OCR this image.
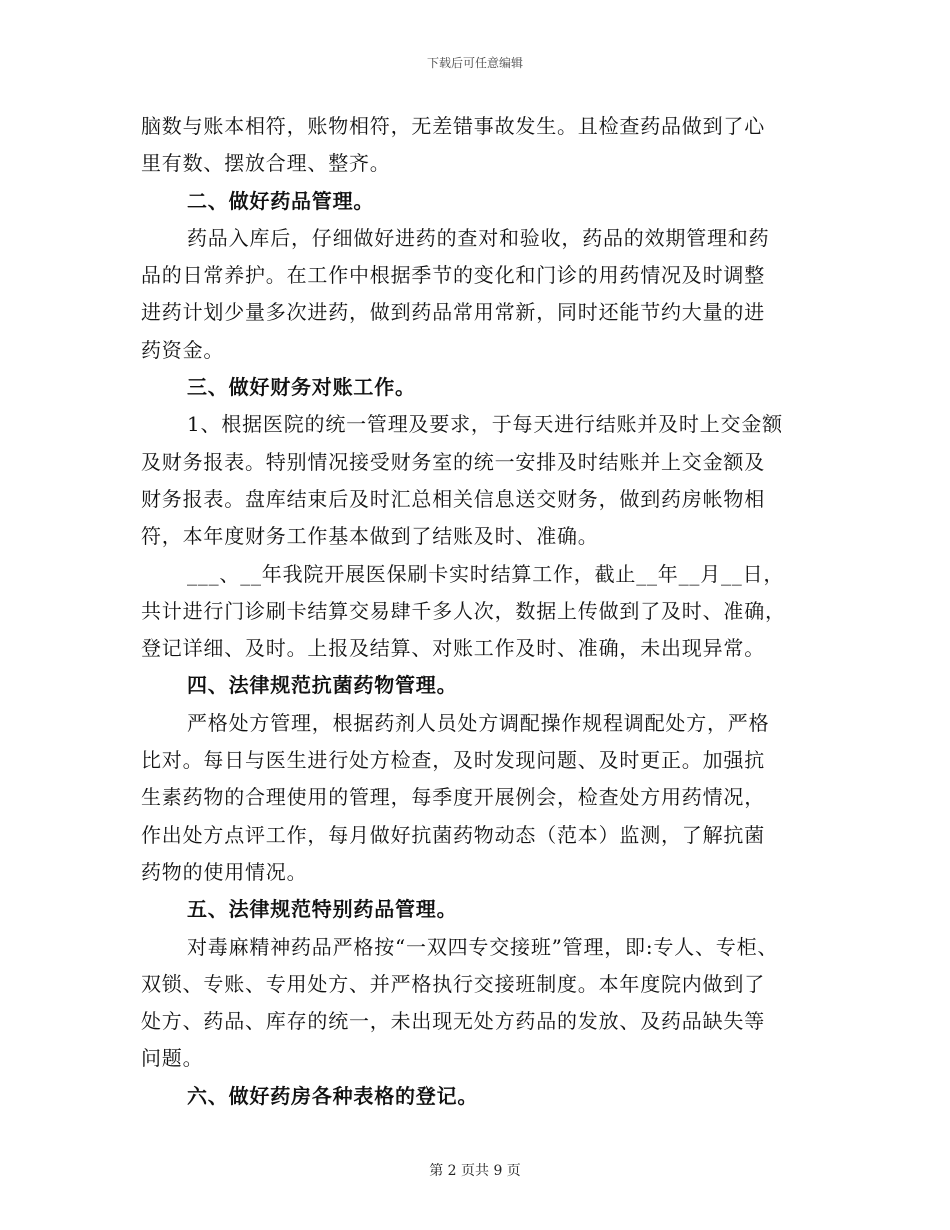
下载后可任意编辑
脑数与账本相符，账物相符，无差错事故发生。且检查药品做到了心
里有数、摆放合理、整齐。
二、做好药品管理。
药品入库后，仔细做好进药的查对和验收，药品的效期管理和药
品的日常养护。在工作中根据季节的变化和门诊的用药情况及时调整
进药计划少量多次进药，做到药品常用常新，同时还能节约大量的进
药资金。
三、做好财务对账工作。
1、根据医院的统一管理及要求，于每天进行结账并及时上交金额
及财务报表。特别情况接受财务室的统一安排及时结账并上交金额及
财务报表。盘库结束后及时汇总相关信息送交财务，做到药房帐物相
符，本年度财务工作基本做到了结账及时、准确。
___、__年我院开展医保刷卡实时结算工作，截止__年__月__日，
共计进行门诊刷卡结算交易肆千多人次，数据上传做到了及时、准确，
登记详细、及时。上报及结算、对账工作及时、准确，未出现异常。
四、法律规范抗菌药物管理。
严格处方管理，根据药剂人员处方调配操作规程调配处方，严格
比对。每日与医生进行处方检查，及时发现问题、及时更正。加强抗
生素药物的合理使用的管理，每季度开展例会，检查处方用药情况，
作出处方点评工作，每月做好抗菌药物动态（范本）监测，了解抗菌
药物的使用情况。
五、法律规范特别药品管理。
对毒麻精神药品严格按“一双四专交接班”管理，即:专人、专柜、
双锁、专账、专用处方、并严格执行交接班制度。本年度院内做到了
处方、药品、库存的统一，未出现无处方药品的发放、及药品缺失等
问题。
六、做好药房各种表格的登记。
第 2 页共 9 页
